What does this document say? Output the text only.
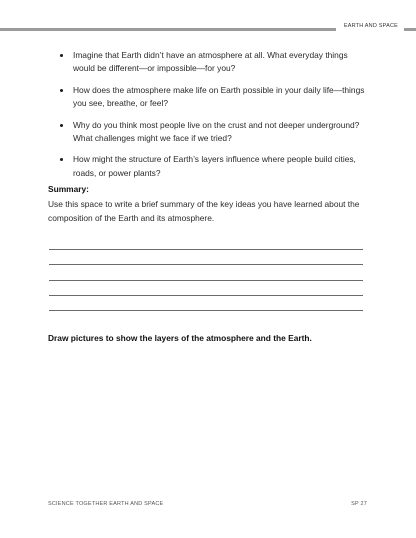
EARTH AND SPACE
Imagine that Earth didn’t have an atmosphere at all. What everyday things would be different—or impossible—for you?
How does the atmosphere make life on Earth possible in your daily life—things you see, breathe, or feel?
Why do you think most people live on the crust and not deeper underground? What challenges might we face if we tried?
How might the structure of Earth’s layers influence where people build cities, roads, or power plants?
Summary:
Use this space to write a brief summary of the key ideas you have learned about the composition of the Earth and its atmosphere.
Draw pictures to show the layers of the atmosphere and the Earth.
SCIENCE TOGETHER EARTH AND SPACE	SP 27
